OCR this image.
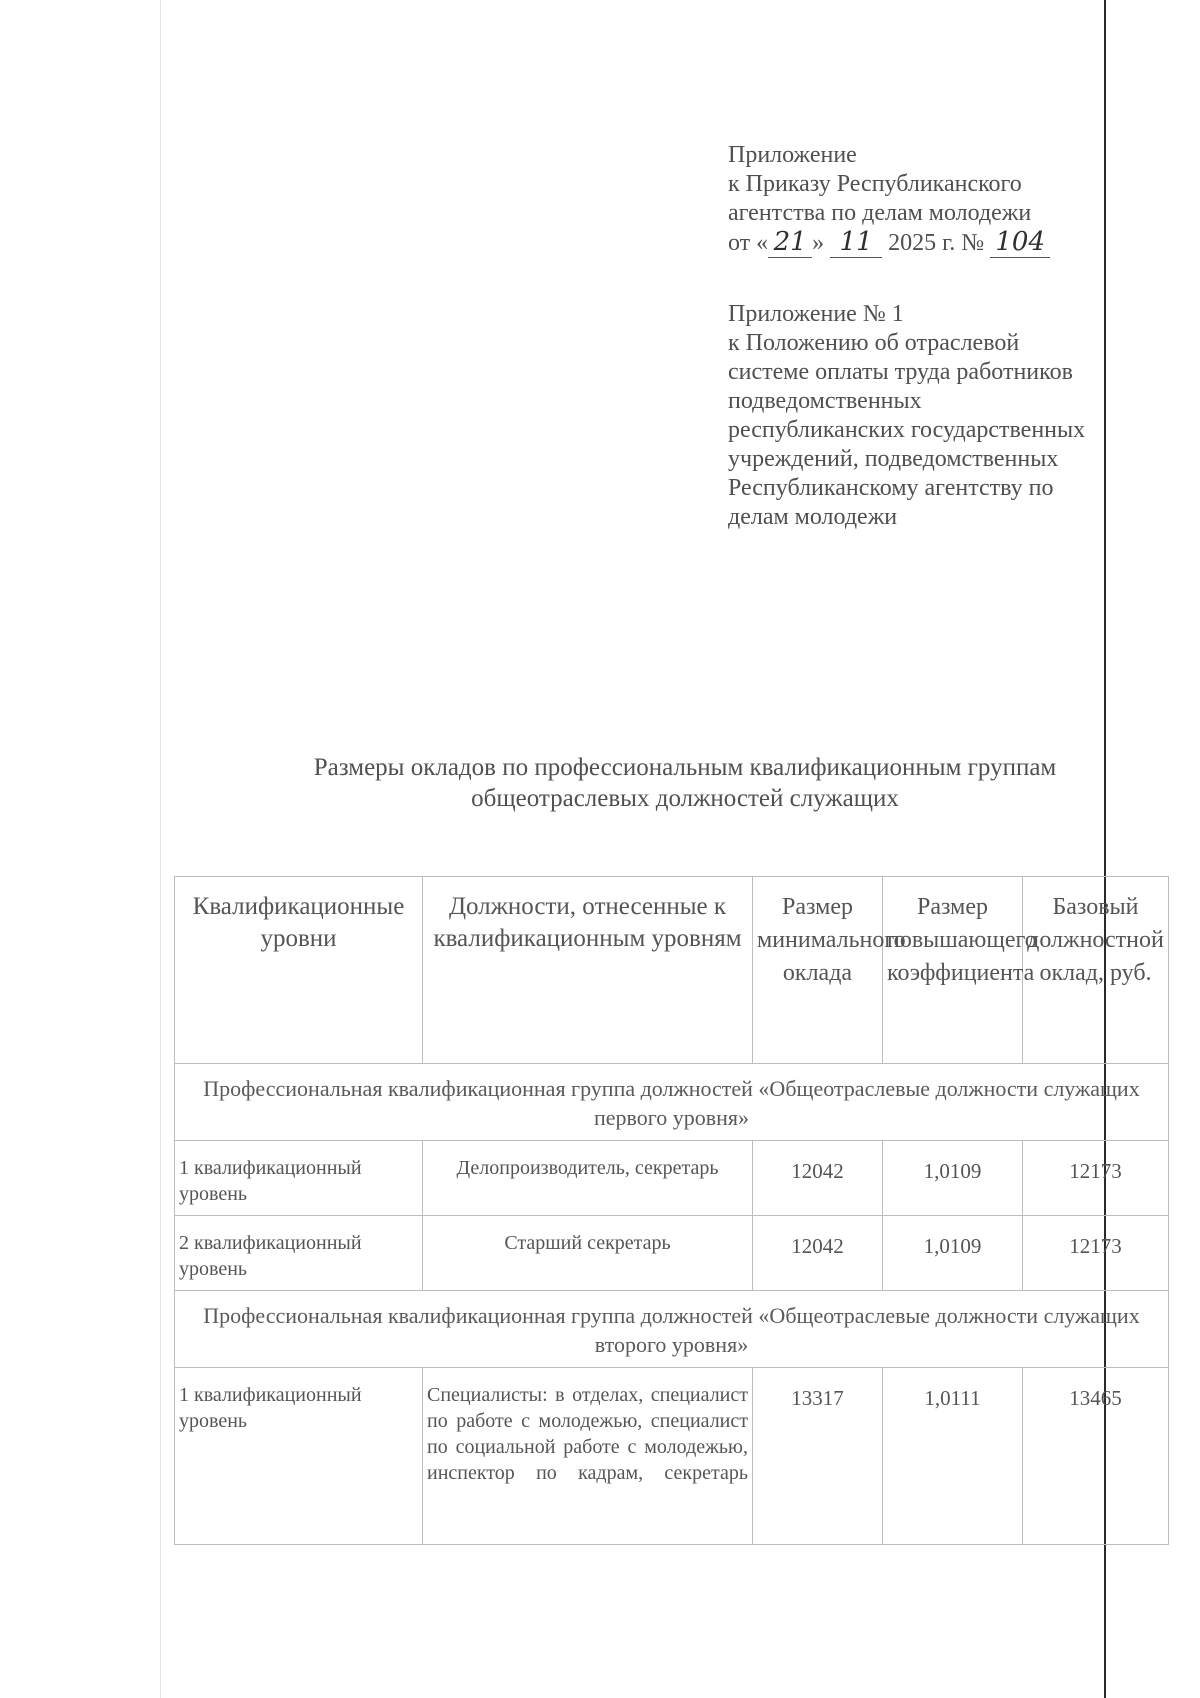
Приложение
к Приказу Республиканского
агентства по делам молодежи
от « 21 » 11 2025 г. № 104
Приложение № 1
к Положению об отраслевой
системе оплаты труда работников
подведомственных
республиканских государственных
учреждений, подведомственных
Республиканскому агентству по
делам молодежи
Размеры окладов по профессиональным квалификационным группам
общеотраслевых должностей служащих
Квалификационные уровни	Должности, отнесенные к квалификационным уровням	Размер минимального оклада	Размер повышающего коэффициента	Базовый должностной оклад, руб.
Профессиональная квалификационная группа должностей «Общеотраслевые должности служащих первого уровня»				
1 квалификационный уровень	Делопроизводитель, секретарь	12042	1,0109	12173
2 квалификационный уровень	Старший секретарь	12042	1,0109	12173
Профессиональная квалификационная группа должностей «Общеотраслевые должности служащих второго уровня»				
1 квалификационный уровень	Специалисты: в отделах, специалист по работе с молодежью, специалист по социальной работе с молодежью, инспектор по кадрам, секретарь	13317	1,0111	13465
